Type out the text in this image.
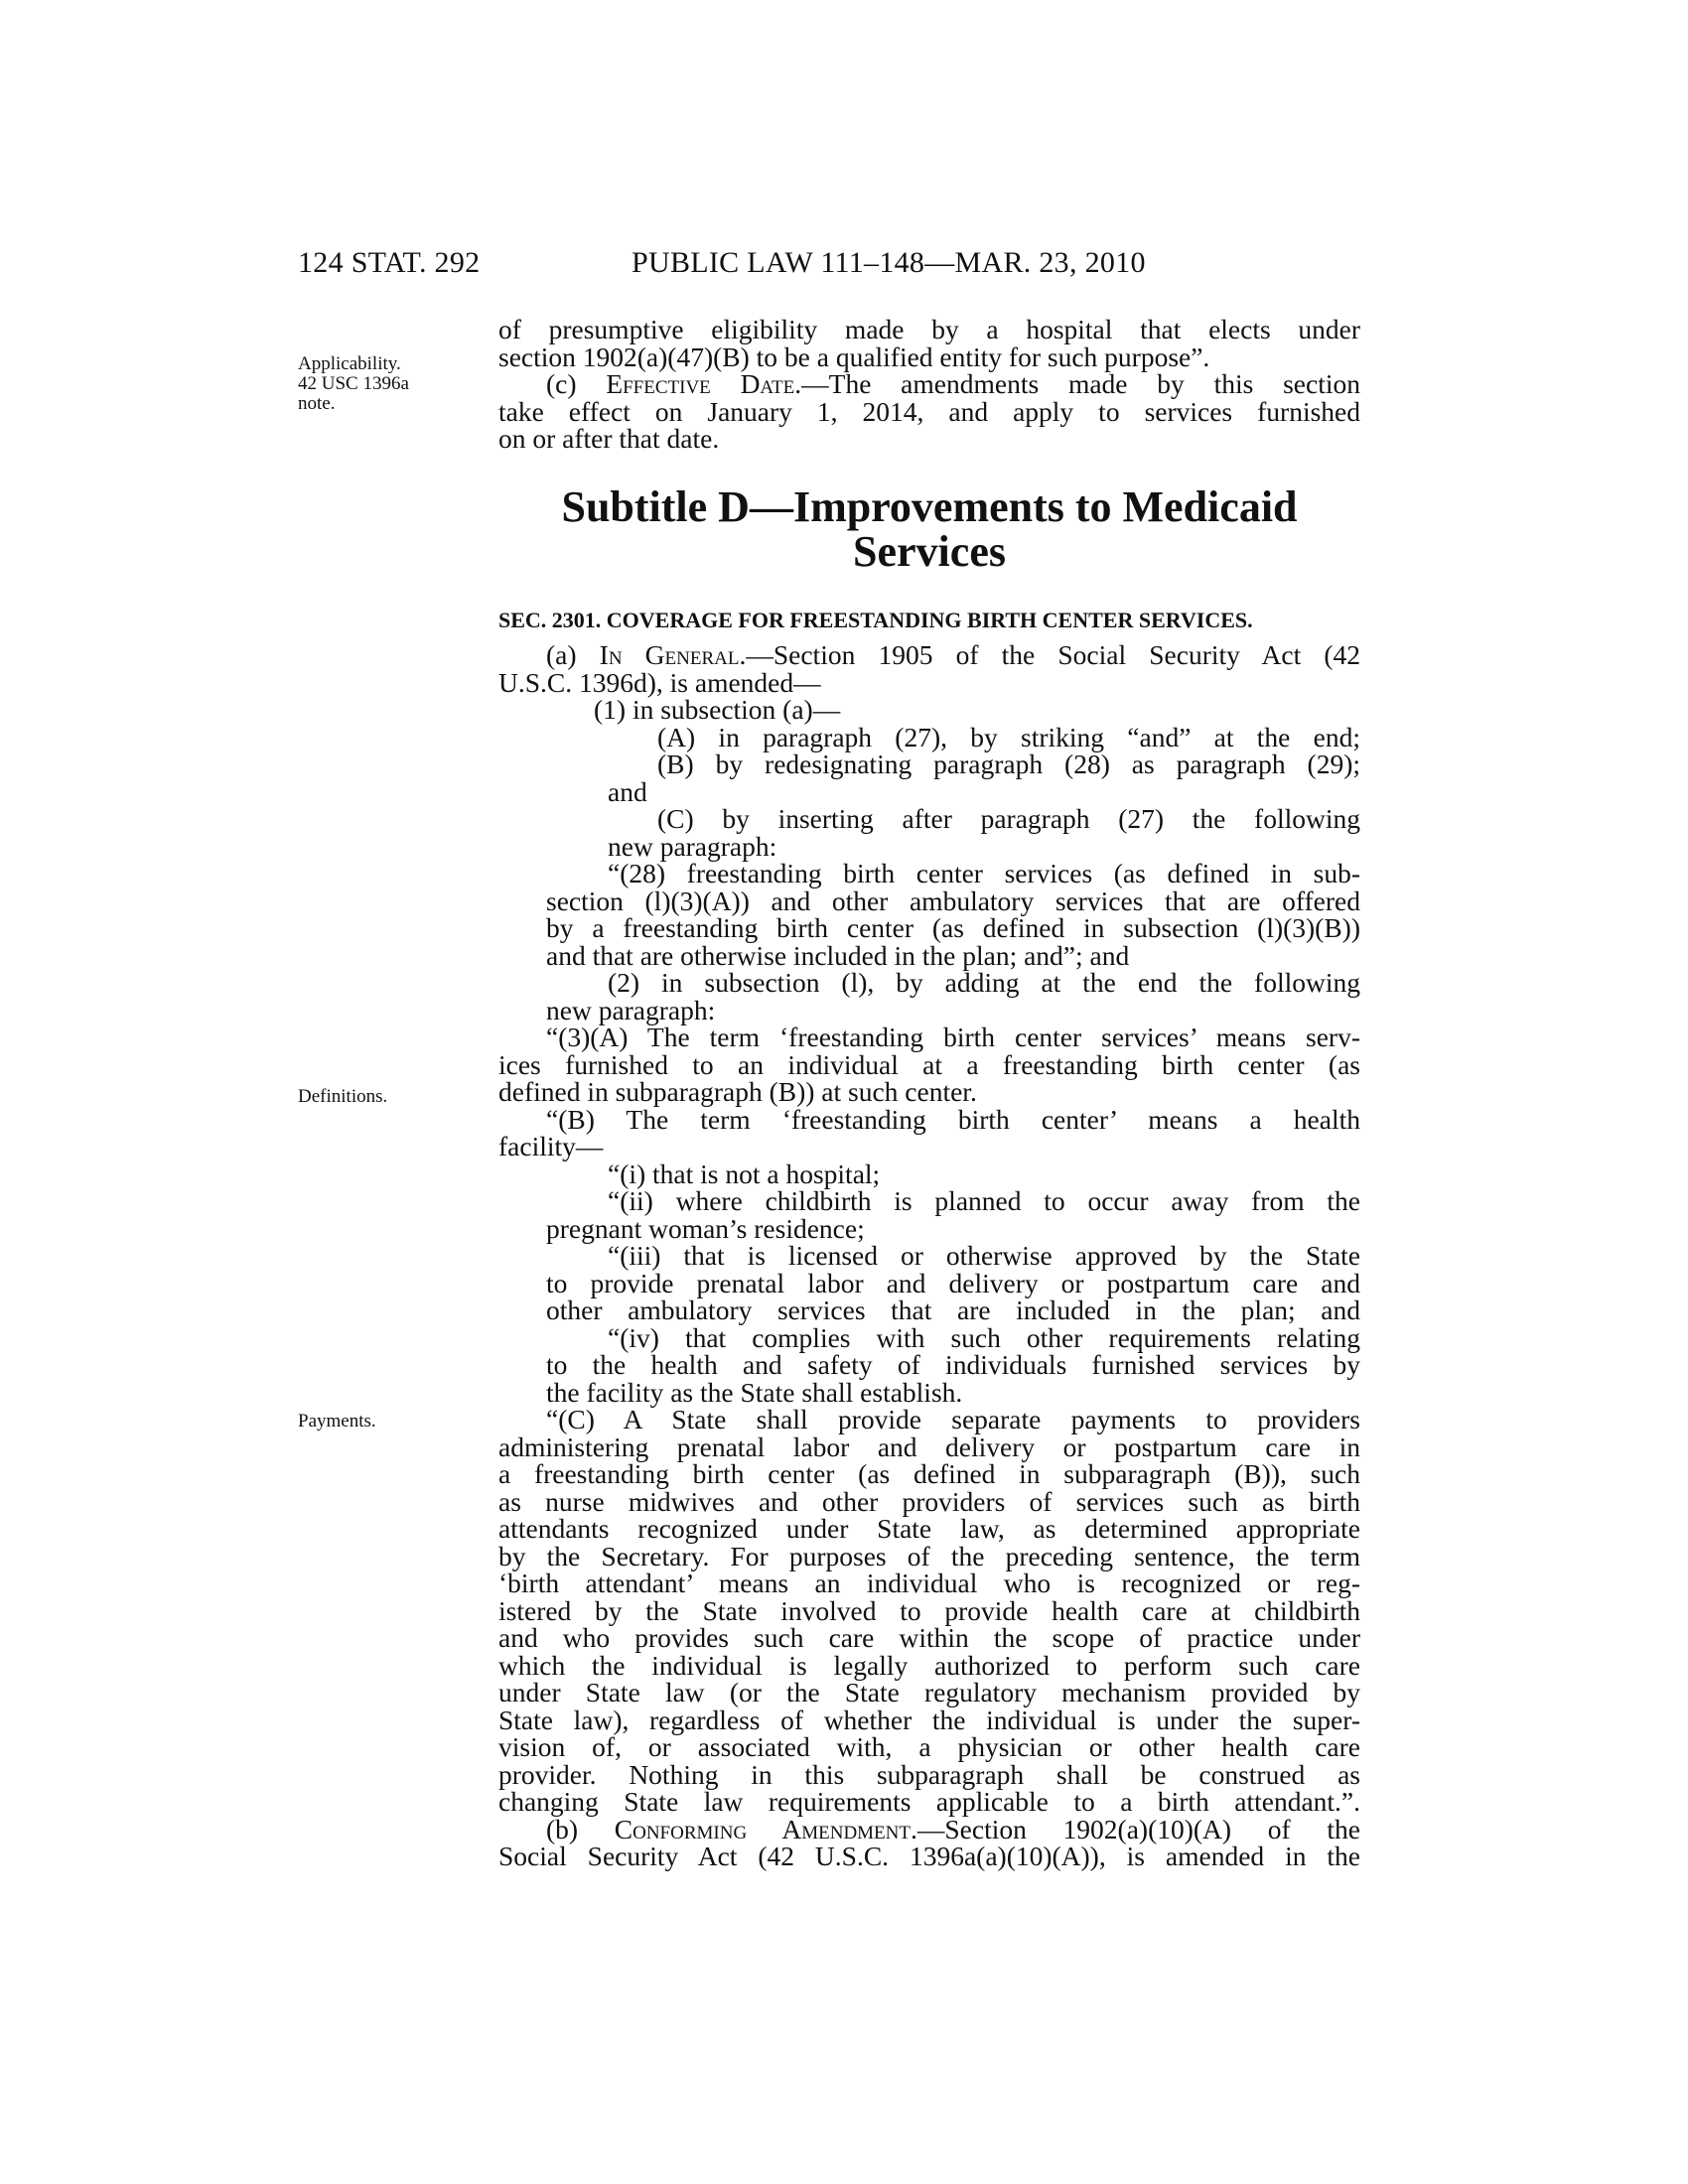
124 STAT. 292	PUBLIC LAW 111–148—MAR. 23, 2010
Applicability.
42 USC 1396a
note.
Definitions.
Payments.
of presumptive eligibility made by a hospital that elects under
section 1902(a)(47)(B) to be a qualified entity for such purpose”.
(c) Effective Date.—The amendments made by this section
take effect on January 1, 2014, and apply to services furnished
on or after that date.
Subtitle D—Improvements to Medicaid
Services
SEC. 2301. COVERAGE FOR FREESTANDING BIRTH CENTER SERVICES.
(a) In General.—Section 1905 of the Social Security Act (42
U.S.C. 1396d), is amended—
(1) in subsection (a)—
(A) in paragraph (27), by striking “and” at the end;
(B) by redesignating paragraph (28) as paragraph (29);
and
(C) by inserting after paragraph (27) the following
new paragraph:
“(28) freestanding birth center services (as defined in sub-
section (l)(3)(A)) and other ambulatory services that are offered
by a freestanding birth center (as defined in subsection (l)(3)(B))
and that are otherwise included in the plan; and”; and
(2) in subsection (l), by adding at the end the following
new paragraph:
“(3)(A) The term ‘freestanding birth center services’ means serv-
ices furnished to an individual at a freestanding birth center (as
defined in subparagraph (B)) at such center.
“(B) The term ‘freestanding birth center’ means a health
facility—
“(i) that is not a hospital;
“(ii) where childbirth is planned to occur away from the
pregnant woman’s residence;
“(iii) that is licensed or otherwise approved by the State
to provide prenatal labor and delivery or postpartum care and
other ambulatory services that are included in the plan; and
“(iv) that complies with such other requirements relating
to the health and safety of individuals furnished services by
the facility as the State shall establish.
“(C) A State shall provide separate payments to providers
administering prenatal labor and delivery or postpartum care in
a freestanding birth center (as defined in subparagraph (B)), such
as nurse midwives and other providers of services such as birth
attendants recognized under State law, as determined appropriate
by the Secretary. For purposes of the preceding sentence, the term
‘birth attendant’ means an individual who is recognized or reg-
istered by the State involved to provide health care at childbirth
and who provides such care within the scope of practice under
which the individual is legally authorized to perform such care
under State law (or the State regulatory mechanism provided by
State law), regardless of whether the individual is under the super-
vision of, or associated with, a physician or other health care
provider. Nothing in this subparagraph shall be construed as
changing State law requirements applicable to a birth attendant.”.
(b) Conforming Amendment.—Section 1902(a)(10)(A) of the
Social Security Act (42 U.S.C. 1396a(a)(10)(A)), is amended in the
